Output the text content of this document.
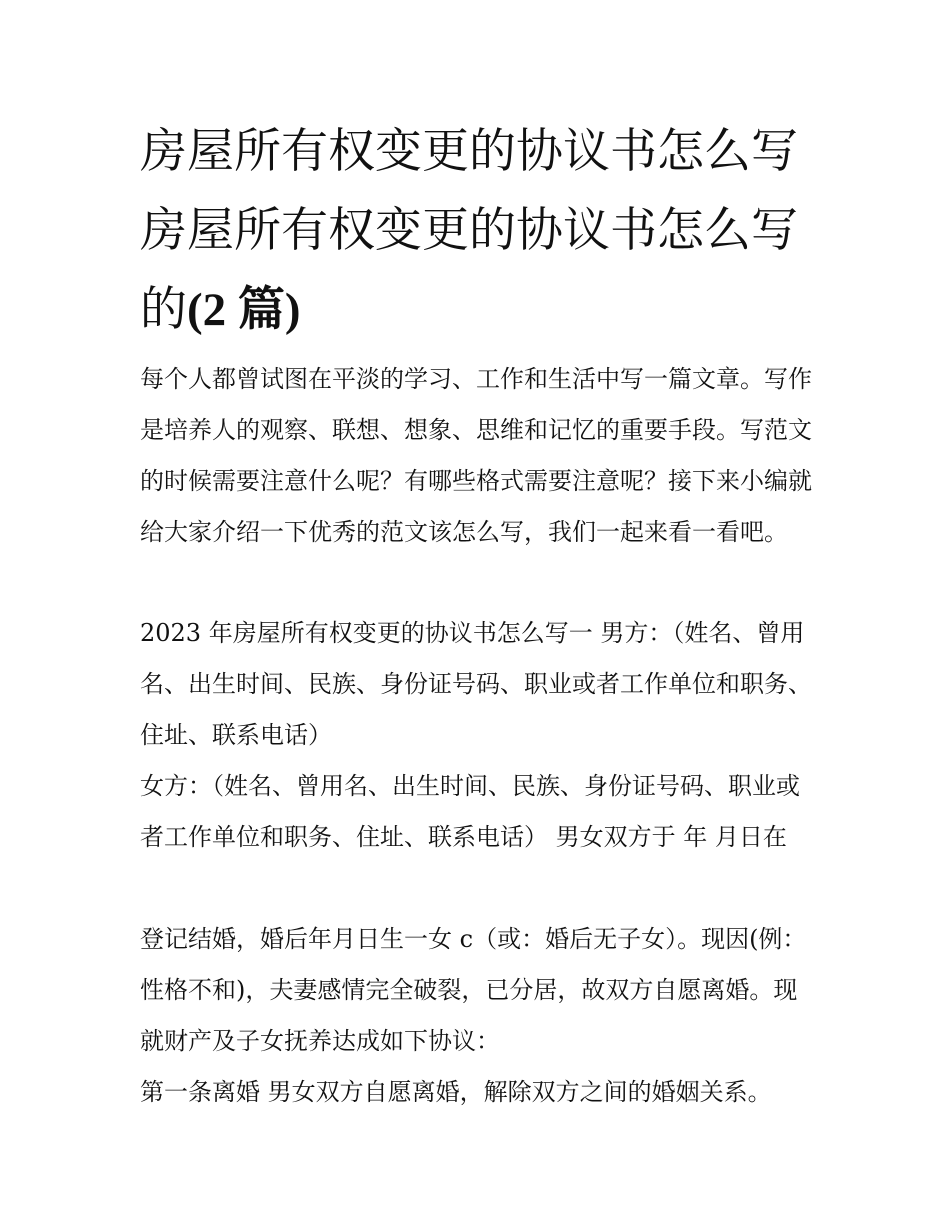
房屋所有权变更的协议书怎么写 房屋所有权变更的协议书怎么写的(2 篇)

每个人都曾试图在平淡的学习、工作和生活中写一篇文章。写作是培养人的观察、联想、想象、思维和记忆的重要手段。写范文的时候需要注意什么呢？有哪些格式需要注意呢？接下来小编就给大家介绍一下优秀的范文该怎么写，我们一起来看一看吧。

2023 年房屋所有权变更的协议书怎么写一 男方：（姓名、曾用名、出生时间、民族、身份证号码、职业或者工作单位和职务、住址、联系电话）

女方：（姓名、曾用名、出生时间、民族、身份证号码、职业或者工作单位和职务、住址、联系电话） 男女双方于 年 月日在

登记结婚，婚后年月日生一女 c（或：婚后无子女）。现因(例：性格不和)，夫妻感情完全破裂，已分居，故双方自愿离婚。现就财产及子女抚养达成如下协议：

第一条离婚 男女双方自愿离婚，解除双方之间的婚姻关系。
